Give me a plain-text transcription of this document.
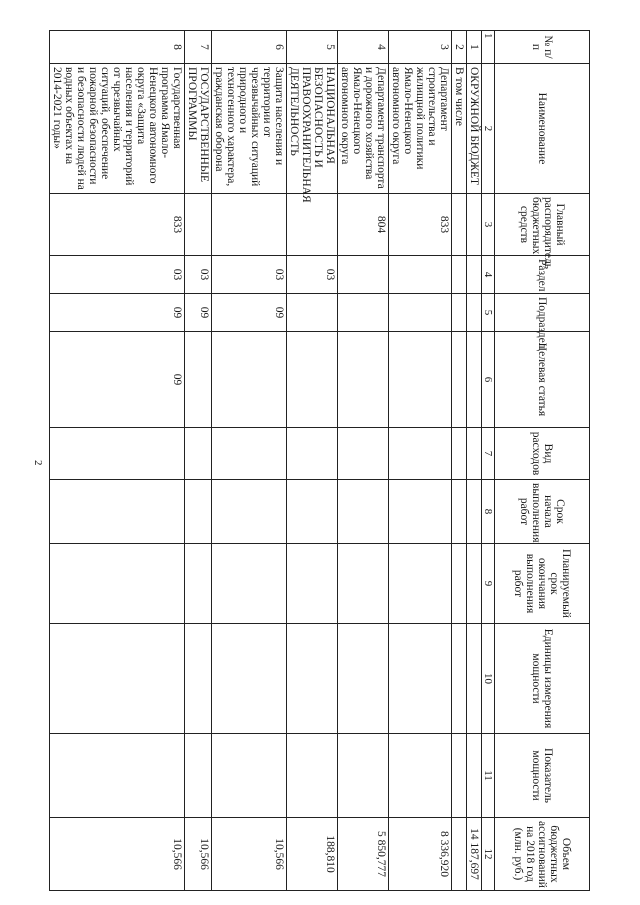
2
№ п/п	Наименование	Главный распорядитель бюджетных средств	Раздел	Подраздел	Целевая статья	Вид расходов	Срок начала выполнения работ	Планируемый срок окончания выполнения работ	Единицы измерения мощности	Показатель мощности	Объем бюджетных ассигнований на 2018 год (млн. руб.)
1	2	3	4	5	6	7	8	9	10	11	12
1	ОКРУЖНОЙ БЮДЖЕТ										14 187,697
2	В том числе										
3	Департамент строительства и жилищной политики Ямало-Ненецкого автономного округа	833									8 336,920
4	Департамент транспорта и дорожного хозяйства Ямало-Ненецкого автономного округа	804									5 850,777
5	НАЦИОНАЛЬНАЯ БЕЗОПАСНОСТЬ И ПРАВООХРАНИТЕЛЬНАЯ ДЕЯТЕЛЬНОСТЬ		03								188,810
6	Защита населения и территории от чрезвычайных ситуаций природного и техногенного характера, гражданская оборона		03	09							10,566
7	ГОСУДАРСТВЕННЫЕ ПРОГРАММЫ		03	09							10,566
8	Государственная программа Ямало-Ненецкого автономного округа «Защита населения и территорий от чрезвычайных ситуаций, обеспечение пожарной безопасности и безопасности людей на водных объектах на 2014-2021 годы»	833	03	09	09						10,566
